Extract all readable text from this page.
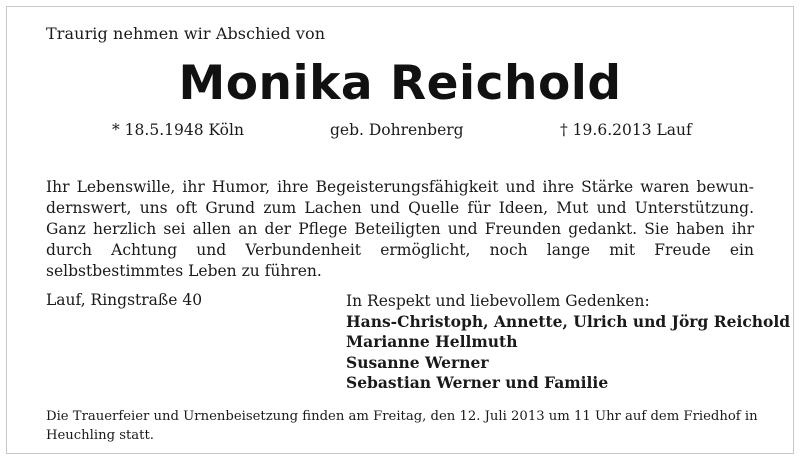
Traurig nehmen wir Abschied von
Monika Reichold
* 18.5.1948 Köln	geb. Dohrenberg	† 19.6.2013 Lauf
Ihr Lebenswille, ihr Humor, ihre Begeisterungsfähigkeit und ihre Stärke waren bewundernswert, uns oft Grund zum Lachen und Quelle für Ideen, Mut und Unterstützung. Ganz herzlich sei allen an der Pflege Beteiligten und Freunden gedankt. Sie haben ihr durch Achtung und Verbundenheit ermöglicht, noch lange mit Freude ein selbstbestimmtes Leben zu führen.
Lauf, Ringstraße 40	In Respekt und liebevollem Gedenken:
Hans-Christoph, Annette, Ulrich und Jörg Reichold
Marianne Hellmuth
Susanne Werner
Sebastian Werner und Familie
Die Trauerfeier und Urnenbeisetzung finden am Freitag, den 12. Juli 2013 um 11 Uhr auf dem Friedhof in Heuchling statt.
